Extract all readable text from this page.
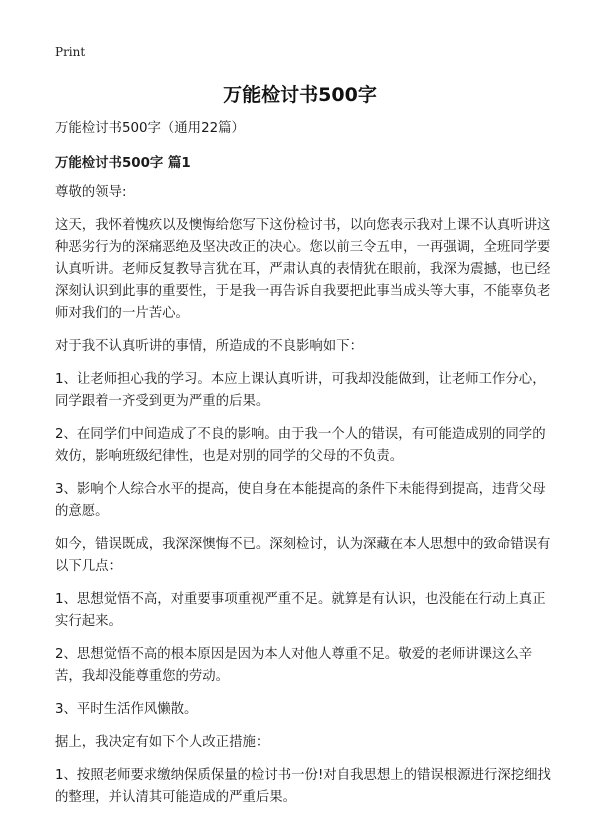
Print
万能检讨书500字

万能检讨书500字（通用22篇）

万能检讨书500字 篇1

尊敬的领导:

这天，我怀着愧疚以及懊悔给您写下这份检讨书，以向您表示我对上课不认真听讲这种恶劣行为的深痛恶绝及坚决改正的决心。您以前三令五申，一再强调，全班同学要认真听讲。老师反复教导言犹在耳，严肃认真的表情犹在眼前，我深为震撼，也已经深刻认识到此事的重要性，于是我一再告诉自我要把此事当成头等大事，不能辜负老师对我们的一片苦心。

对于我不认真听讲的事情，所造成的不良影响如下：

1、让老师担心我的学习。本应上课认真听讲，可我却没能做到，让老师工作分心，同学跟着一齐受到更为严重的后果。

2、在同学们中间造成了不良的影响。由于我一个人的错误，有可能造成别的同学的效仿，影响班级纪律性，也是对别的同学的父母的不负责。

3、影响个人综合水平的提高，使自身在本能提高的条件下未能得到提高，违背父母的意愿。

如今，错误既成，我深深懊悔不已。深刻检讨，认为深藏在本人思想中的致命错误有以下几点：

1、思想觉悟不高，对重要事项重视严重不足。就算是有认识，也没能在行动上真正实行起来。

2、思想觉悟不高的根本原因是因为本人对他人尊重不足。敬爱的老师讲课这么辛苦，我却没能尊重您的劳动。

3、平时生活作风懒散。

据上，我决定有如下个人改正措施：

1、按照老师要求缴纳保质保量的检讨书一份!对自我思想上的错误根源进行深挖细找的整理，并认清其可能造成的严重后果。
